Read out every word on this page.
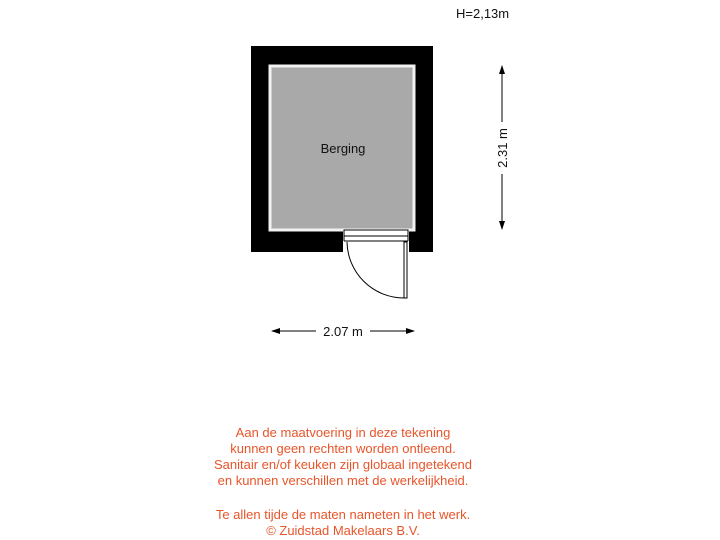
H=2,13m
Berging
2.07 m
2.31 m

Aan de maatvoering in deze tekening

kunnen geen rechten worden ontleend.

Sanitair en/of keuken zijn globaal ingetekend

en kunnen verschillen met de werkelijkheid.

Te allen tijde de maten nameten in het werk.

© Zuidstad Makelaars B.V.
